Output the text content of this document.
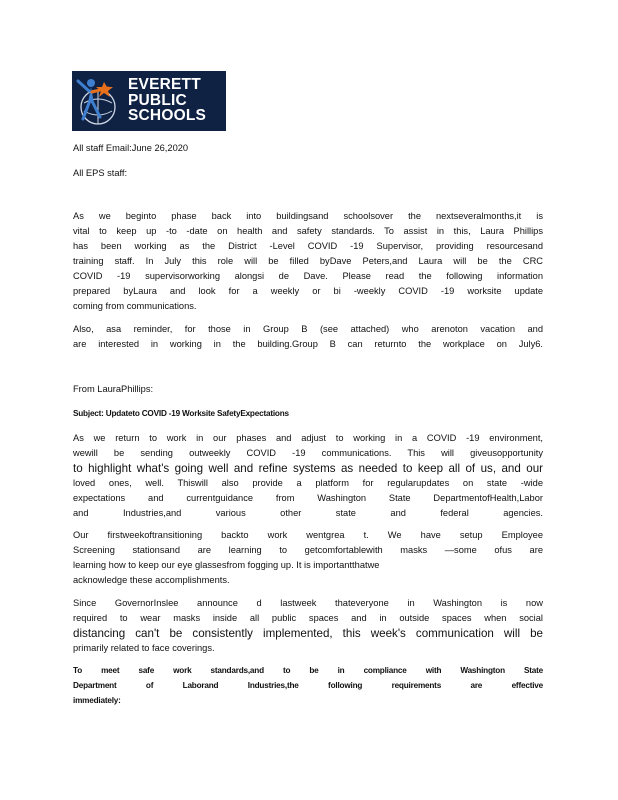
EVERETT
PUBLIC
SCHOOLS
All staff Email:June 26,2020
All EPS staff:
As we beginto phase back into buildingsand schoolsover the nextseveralmonths,it is
vital to keep up -to -date on health and safety standards. To assist in this, Laura Phillips
has been working as the District -Level COVID -19 Supervisor, providing resourcesand
training staff. In July this role will be filled byDave Peters,and Laura will be the CRC
COVID -19 supervisorworking alongsi de Dave. Please read the following information
prepared byLaura and look for a weekly or bi -weekly COVID -19 worksite update
coming from communications.
Also, asa reminder, for those in Group B (see attached) who arenoton vacation and
are interested in working in the building.Group B can returnto the workplace on July6.
From LauraPhillips:
Subject: Updateto COVID -19 Worksite SafetyExpectations
As we return to work in our phases and adjust to working in a COVID -19 environment,
wewill be sending outweekly COVID -19 communications. This will giveusopportunity
to highlight what's going well and refine systems as needed to keep all of us, and our
loved ones, well. Thiswill also provide a platform for regularupdates on state -wide
expectations and currentguidance from Washington State DepartmentofHealth,Labor
and Industries,and various other state and federal agencies.
Our firstweekoftransitioning backto work wentgrea t. We have setup Employee
Screening stationsand are learning to getcomfortablewith masks —some ofus are
learning how to keep our eye glassesfrom fogging up. It is importantthatwe
acknowledge these accomplishments.
Since GovernorInslee announce d lastweek thateveryone in Washington is now
required to wear masks inside all public spaces and in outside spaces when social
distancing can't be consistently implemented, this week's communication will be
primarily related to face coverings.
To meet safe work standards,and to be in compliance with Washington State
Department of Laborand Industries,the following requirements are effective
immediately:
